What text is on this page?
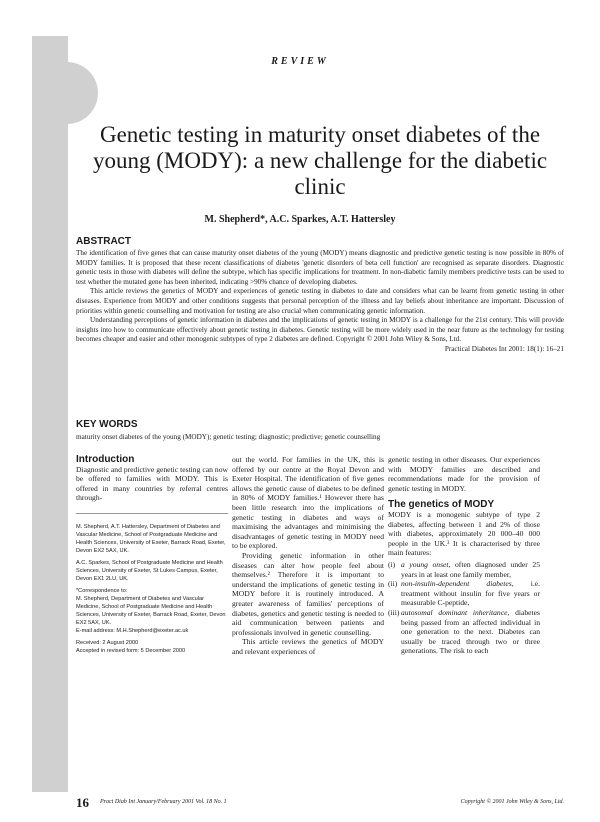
REVIEW
Genetic testing in maturity onset diabetes of the young (MODY): a new challenge for the diabetic clinic
M. Shepherd*, A.C. Sparkes, A.T. Hattersley
ABSTRACT

The identification of five genes that can cause maturity onset diabetes of the young (MODY) means diagnostic and predictive genetic testing is now possible in 80% of MODY families. It is proposed that these recent classifications of diabetes 'genetic disorders of beta cell function' are recognised as separate disorders. Diagnostic genetic tests in those with diabetes will define the subtype, which has specific implications for treatment. In non-diabetic family members predictive tests can be used to test whether the mutated gene has been inherited, indicating >90% chance of developing diabetes.

This article reviews the genetics of MODY and experiences of genetic testing in diabetes to date and considers what can be learnt from genetic testing in other diseases. Experience from MODY and other conditions suggests that personal perception of the illness and lay beliefs about inheritance are important. Discussion of priorities within genetic counselling and motivation for testing are also crucial when communicating genetic information.

Understanding perceptions of genetic information in diabetes and the implications of genetic testing in MODY is a challenge for the 21st century. This will provide insights into how to communicate effectively about genetic testing in diabetes. Genetic testing will be more widely used in the near future as the technology for testing becomes cheaper and easier and other monogenic subtypes of type 2 diabetes are defined. Copyright © 2001 John Wiley & Sons, Ltd.

Practical Diabetes Int 2001: 18(1): 16–21
KEY WORDS
maturity onset diabetes of the young (MODY); genetic testing; diagnostic; predictive; genetic counselling
Introduction

Diagnostic and predictive genetic testing can now be offered to families with MODY. This is offered in many countries by referral centres through-

M. Shepherd, A.T. Hattersley, Department of Diabetes and Vascular Medicine, School of Postgraduate Medicine and Health Sciences, University of Exeter, Barrack Road, Exeter, Devon EX2 5AX, UK.

A.C. Sparkes, School of Postgraduate Medicine and Health Sciences, University of Exeter, St Lukes Campus, Exeter, Devon EX1 2LU, UK.

*Correspondence to:

M. Shepherd, Department of Diabetes and Vascular Medicine, School of Postgraduate Medicine and Health Sciences, University of Exeter, Barrack Road, Exeter, Devon EX2 5AX, UK.

E-mail address: M.H.Shepherd@exeter.ac.uk

Received: 2 August 2000

Accepted in revised form: 5 December 2000

out the world. For families in the UK, this is offered by our centre at the Royal Devon and Exeter Hospital. The identification of five genes allows the genetic cause of diabetes to be defined in 80% of MODY families.¹ However there has been little research into the implications of genetic testing in diabetes and ways of maximising the advantages and minimising the disadvantages of genetic testing in MODY need to be explored.

Providing genetic information in other diseases can alter how people feel about themselves.² Therefore it is important to understand the implications of genetic testing in MODY before it is routinely introduced. A greater awareness of families' perceptions of diabetes, genetics and genetic testing is needed to aid communication between patients and professionals involved in genetic counselling.

This article reviews the genetics of MODY and relevant experiences of

genetic testing in other diseases. Our experiences with MODY families are described and recommendations made for the provision of genetic testing in MODY.

The genetics of MODY

MODY is a monogenic subtype of type 2 diabetes, affecting between 1 and 2% of those with diabetes, approximately 20 000–40 000 people in the UK.³ It is characterised by three main features:

(i) a young onset, often diagnosed under 25 years in at least one family member,
(ii) non-insulin-dependent diabetes, i.e. treatment without insulin for five years or measurable C-peptide,
(iii) autosomal dominant inheritance, diabetes being passed from an affected individual in one generation to the next. Diabetes can usually be traced through two or three generations. The risk to each
16 Pract Diab Int January/February 2001 Vol. 18 No. 1	Copyright © 2001 John Wiley & Sons, Ltd.
